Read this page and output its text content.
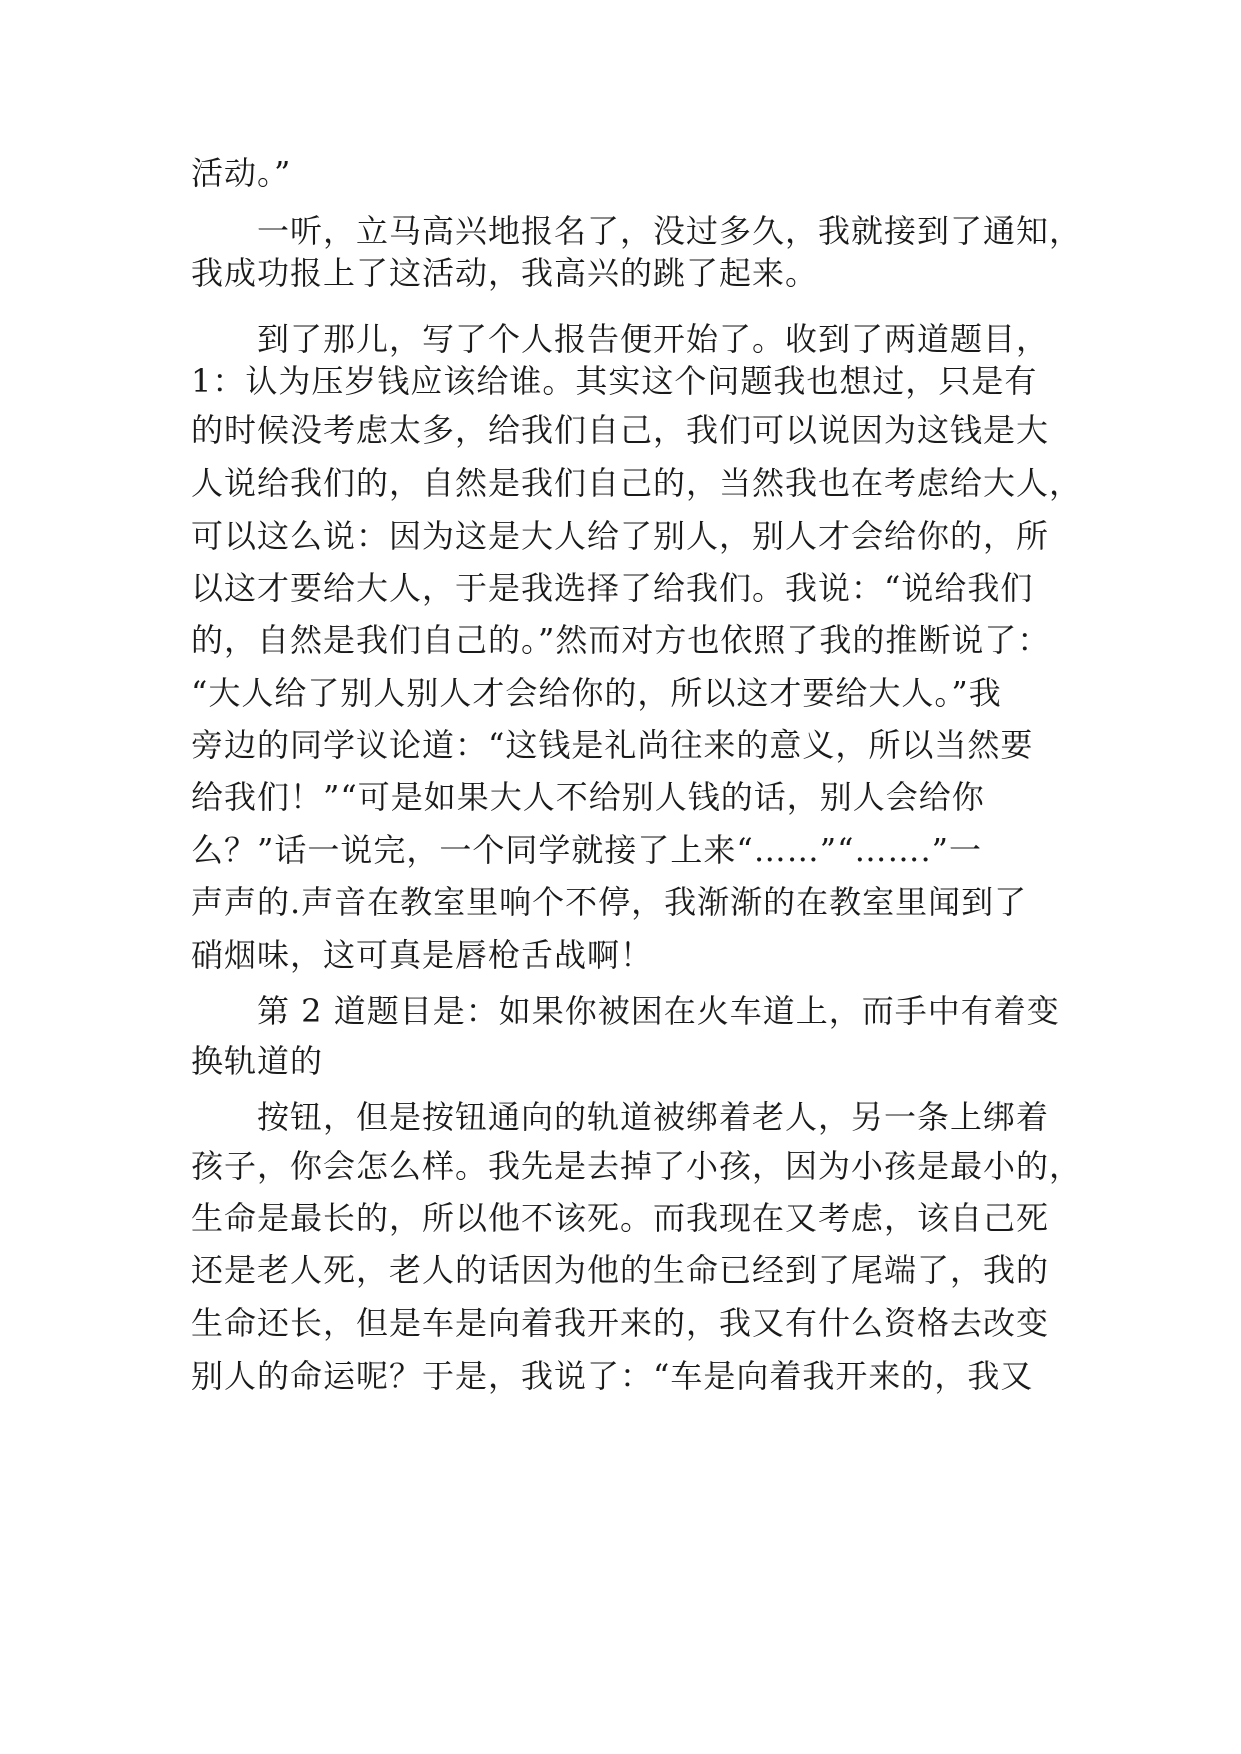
活动。”
一听，立马高兴地报名了，没过多久，我就接到了通知，
我成功报上了这活动，我高兴的跳了起来。
到了那儿，写了个人报告便开始了。收到了两道题目，
1：认为压岁钱应该给谁。其实这个问题我也想过，只是有
的时候没考虑太多，给我们自己，我们可以说因为这钱是大
人说给我们的，自然是我们自己的，当然我也在考虑给大人，
可以这么说：因为这是大人给了别人，别人才会给你的，所
以这才要给大人，于是我选择了给我们。我说：“说给我们
的，自然是我们自己的。”然而对方也依照了我的推断说了：
“大人给了别人别人才会给你的，所以这才要给大人。”我
旁边的同学议论道：“这钱是礼尚往来的意义，所以当然要
给我们！”“可是如果大人不给别人钱的话，别人会给你
么？”话一说完，一个同学就接了上来“……”“…….”一
声声的.声音在教室里响个不停，我渐渐的在教室里闻到了
硝烟味，这可真是唇枪舌战啊！
第 2 道题目是：如果你被困在火车道上，而手中有着变
换轨道的
按钮，但是按钮通向的轨道被绑着老人，另一条上绑着
孩子，你会怎么样。我先是去掉了小孩，因为小孩是最小的，
生命是最长的，所以他不该死。而我现在又考虑，该自己死
还是老人死，老人的话因为他的生命已经到了尾端了，我的
生命还长，但是车是向着我开来的，我又有什么资格去改变
别人的命运呢？于是，我说了：“车是向着我开来的，我又
